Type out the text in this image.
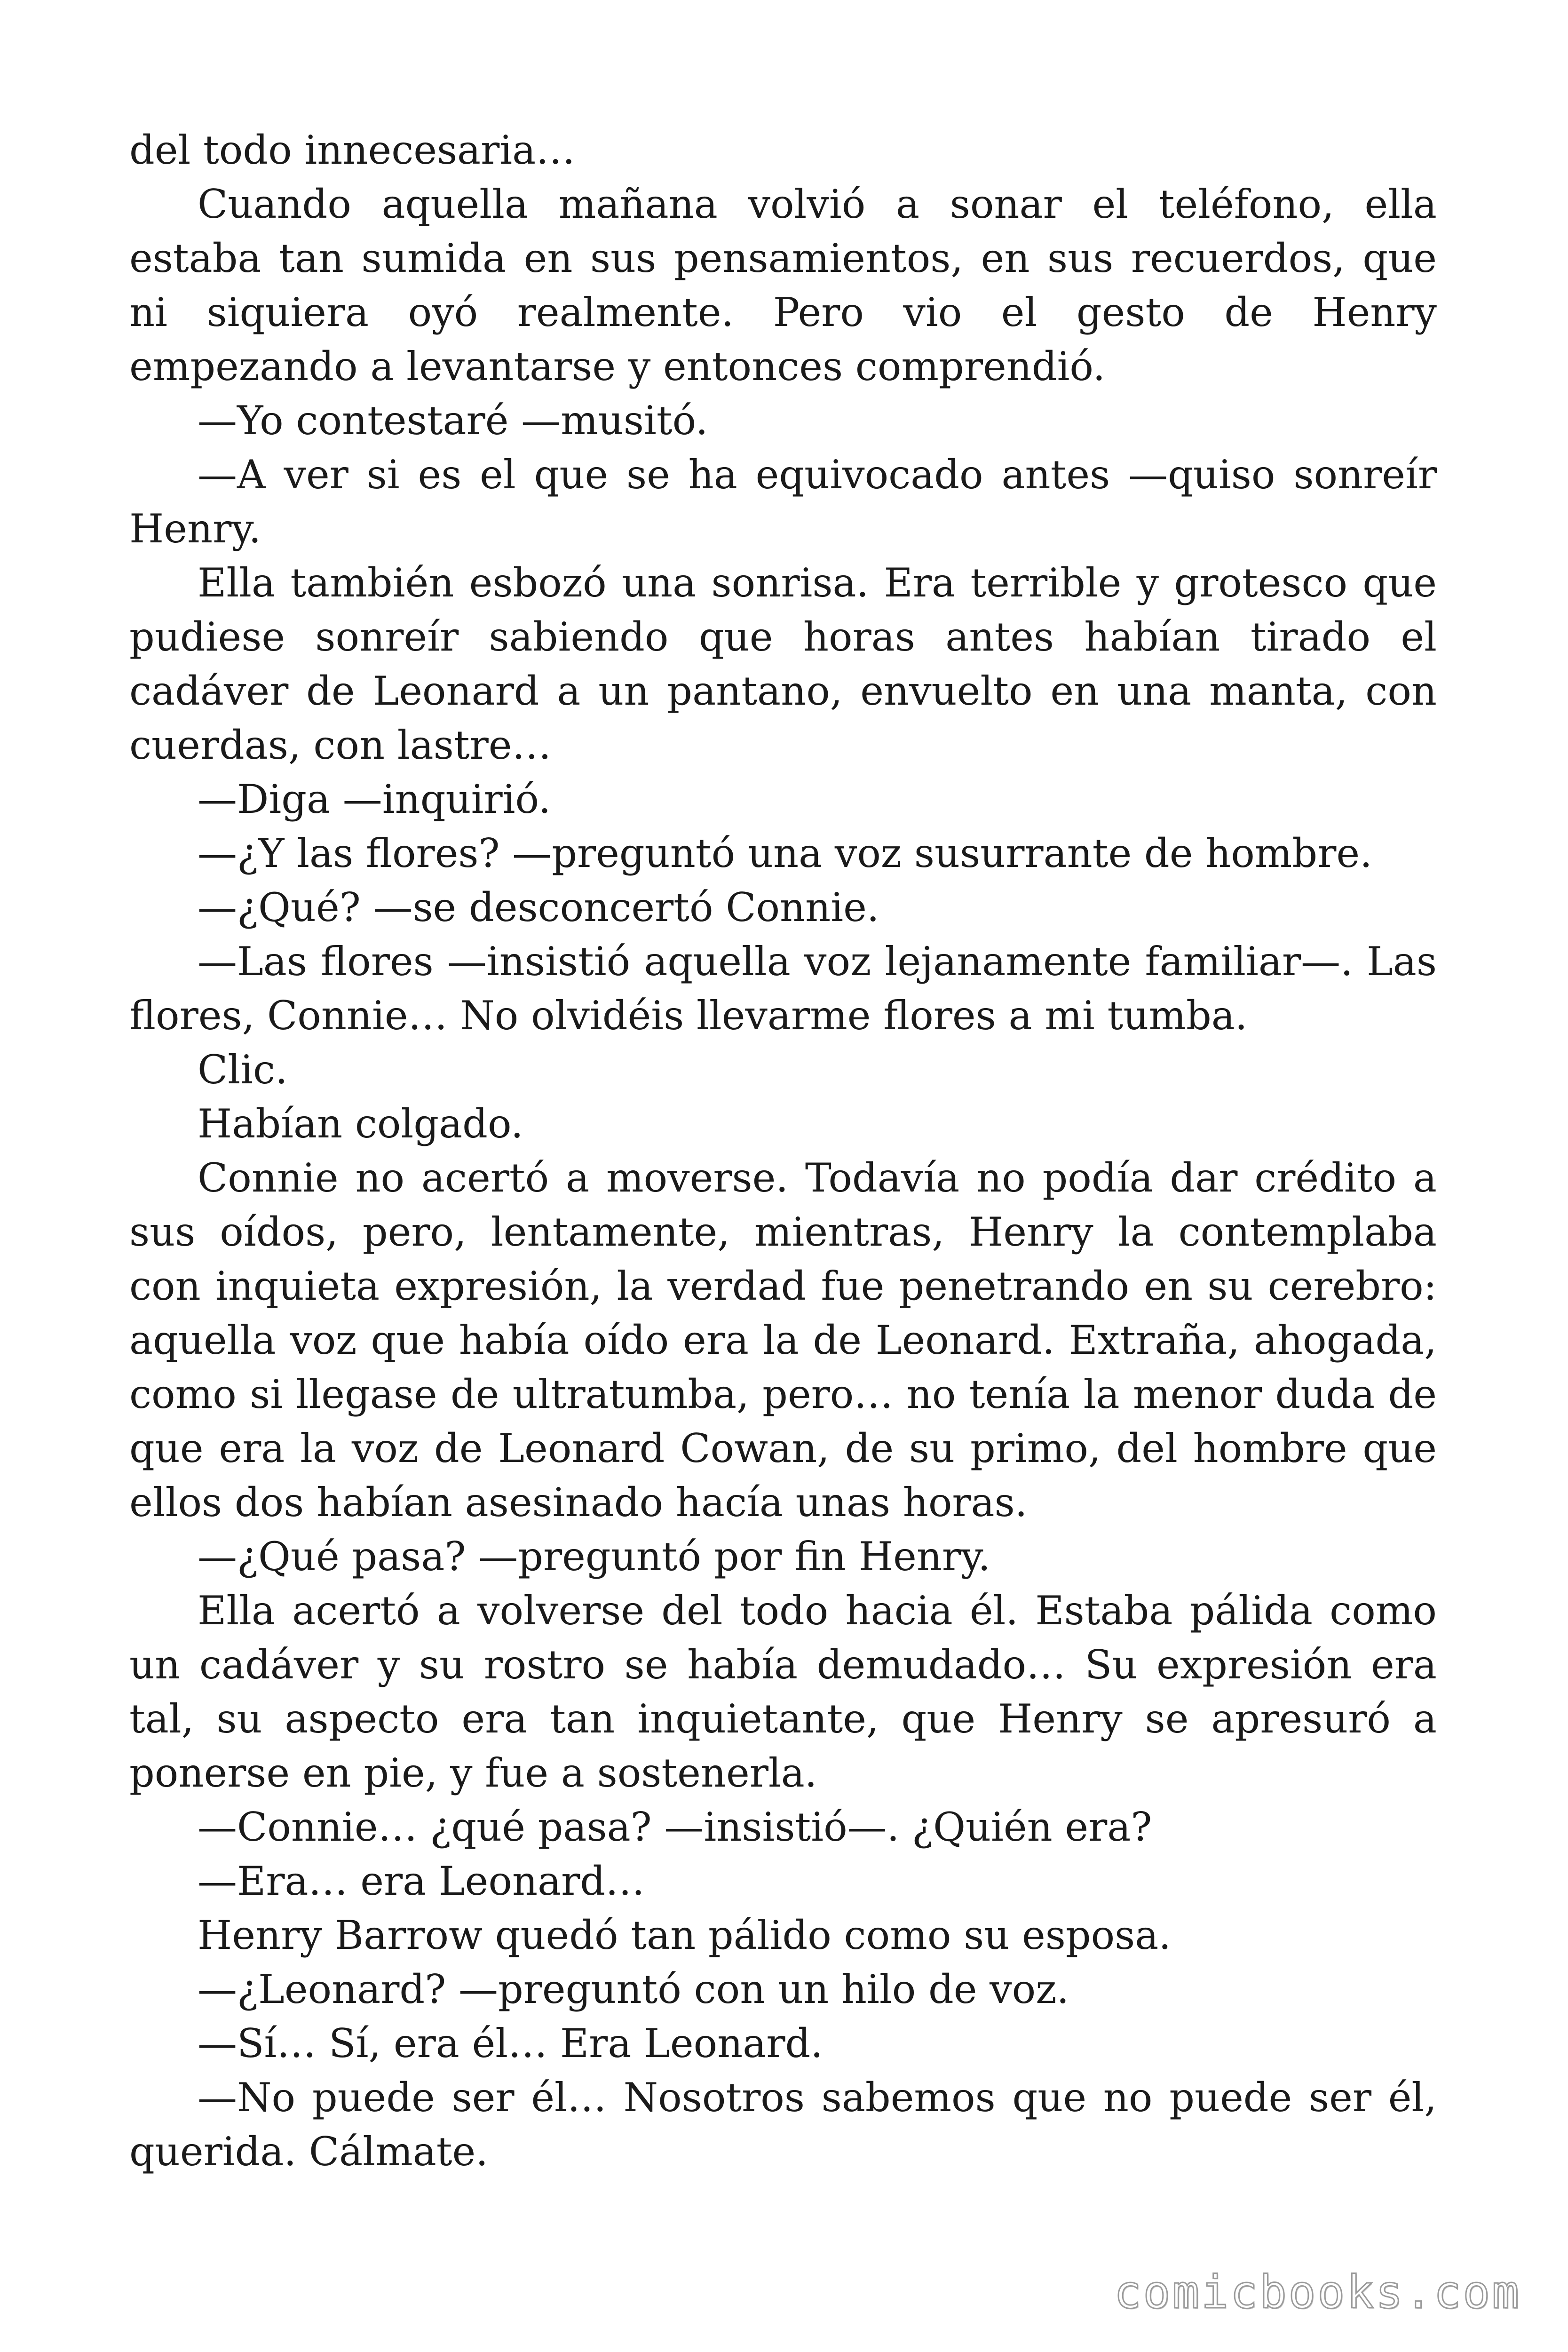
del todo innecesaria…

Cuando aquella mañana volvió a sonar el teléfono, ella estaba tan sumida en sus pensamientos, en sus recuerdos, que ni siquiera oyó realmente. Pero vio el gesto de Henry empezando a levantarse y entonces comprendió.

—Yo contestaré —musitó.

—A ver si es el que se ha equivocado antes —quiso sonreír Henry.

Ella también esbozó una sonrisa. Era terrible y grotesco que pudiese sonreír sabiendo que horas antes habían tirado el cadáver de Leonard a un pantano, envuelto en una manta, con cuerdas, con lastre…

—Diga —inquirió.

—¿Y las flores? —preguntó una voz susurrante de hombre.

—¿Qué? —se desconcertó Connie.

—Las flores —insistió aquella voz lejanamente familiar—. Las flores, Connie… No olvidéis llevarme flores a mi tumba.

Clic.

Habían colgado.

Connie no acertó a moverse. Todavía no podía dar crédito a sus oídos, pero, lentamente, mientras, Henry la contemplaba con inquieta expresión, la verdad fue penetrando en su cerebro: aquella voz que había oído era la de Leonard. Extraña, ahogada, como si llegase de ultratumba, pero… no tenía la menor duda de que era la voz de Leonard Cowan, de su primo, del hombre que ellos dos habían asesinado hacía unas horas.

—¿Qué pasa? —preguntó por fin Henry.

Ella acertó a volverse del todo hacia él. Estaba pálida como un cadáver y su rostro se había demudado… Su expresión era tal, su aspecto era tan inquietante, que Henry se apresuró a ponerse en pie, y fue a sostenerla.

—Connie… ¿qué pasa? —insistió—. ¿Quién era?

—Era… era Leonard…

Henry Barrow quedó tan pálido como su esposa.

—¿Leonard? —preguntó con un hilo de voz.

—Sí… Sí, era él… Era Leonard.

—No puede ser él… Nosotros sabemos que no puede ser él, querida. Cálmate.

comicbooks.com
